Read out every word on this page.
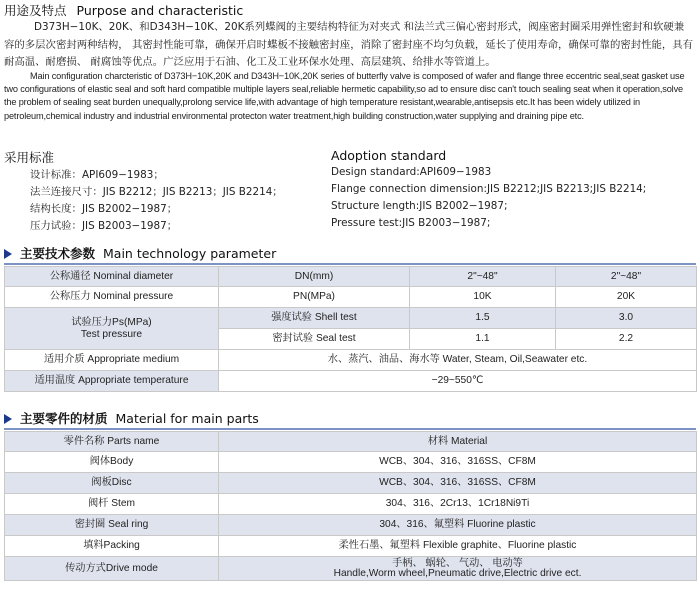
用途及特点 Purpose and characteristic
D373H−10K、20K、和D343H−10K、20K系列蝶阀的主要结构特征为对夹式 和法兰式三偏心密封形式，阀座密封圈采用弹性密封和软硬兼容的多层次密封两种结构， 其密封性能可靠，确保开启时蝶板不接触密封座，消除了密封座不均匀负载，延长了使用寿命，确保可靠的密封性能，具有耐高温、耐磨损、 耐腐蚀等优点。广泛应用于石油、化工及工业环保水处理、高层建筑、给排水等管道上。
Main configuration charcteristic of D373H−10K,20K and D343H−10K,20K series of butterfly valve is composed of wafer and flange three eccentric seal,seat gasket use two configurations of elastic seal and soft hard compatible multiple layers seal,reliable hermetic capability,so ad to ensure disc can't touch sealing seat when it operation,solve the problem of sealing seat burden unequally,prolong service life,with advantage of high temperature resistant,wearable,antisepsis etc.It has been widely utilized in petroleum,chemical industry and industrial environmental protecton water treatment,high building construction,water supplying and draining pipe etc.
采用标准
设计标准：API609−1983；
法兰连接尺寸：JIS B2212；JIS B2213；JIS B2214；
结构长度：JIS B2002−1987；
压力试验：JIS B2003−1987；
Adoption standard
Design standard:API609−1983
Flange connection dimension:JIS B2212;JIS B2213;JIS B2214;
Structure length:JIS B2002−1987;
Pressure test:JIS B2003−1987;
主要技术参数 Main technology parameter
公称通径 Nominal diameter	DN(mm)	2"~48"	2"~48"
公称压力 Nominal pressure	PN(MPa)	10K	20K

试验压力Ps(MPa)
Test pressure	强度试验 Shell test	1.5	3.0
	密封试验 Seal test	1.1	2.2
适用介质 Appropriate medium	水、蒸汽、油品、海水等 Water, Steam, Oil,Seawater etc.		
适用温度 Appropriate temperature	−29~550℃		
主要零件的材质 Material for main parts
零件名称 Parts name	材料 Material
阀体Body	WCB、304、316、316SS、CF8M
阀板Disc	WCB、304、316、316SS、CF8M
阀杆 Stem	304、316、2Cr13、1Cr18Ni9Ti
密封圈 Seal ring	304、316、氟塑料 Fluorine plastic
填料Packing	柔性石墨、氟塑料 Flexible graphite、Fluorine plastic
传动方式Drive mode	手柄、 蜗轮、 气动、 电动等
Handle,Worm wheel,Pneumatic drive,Electric drive ect.
